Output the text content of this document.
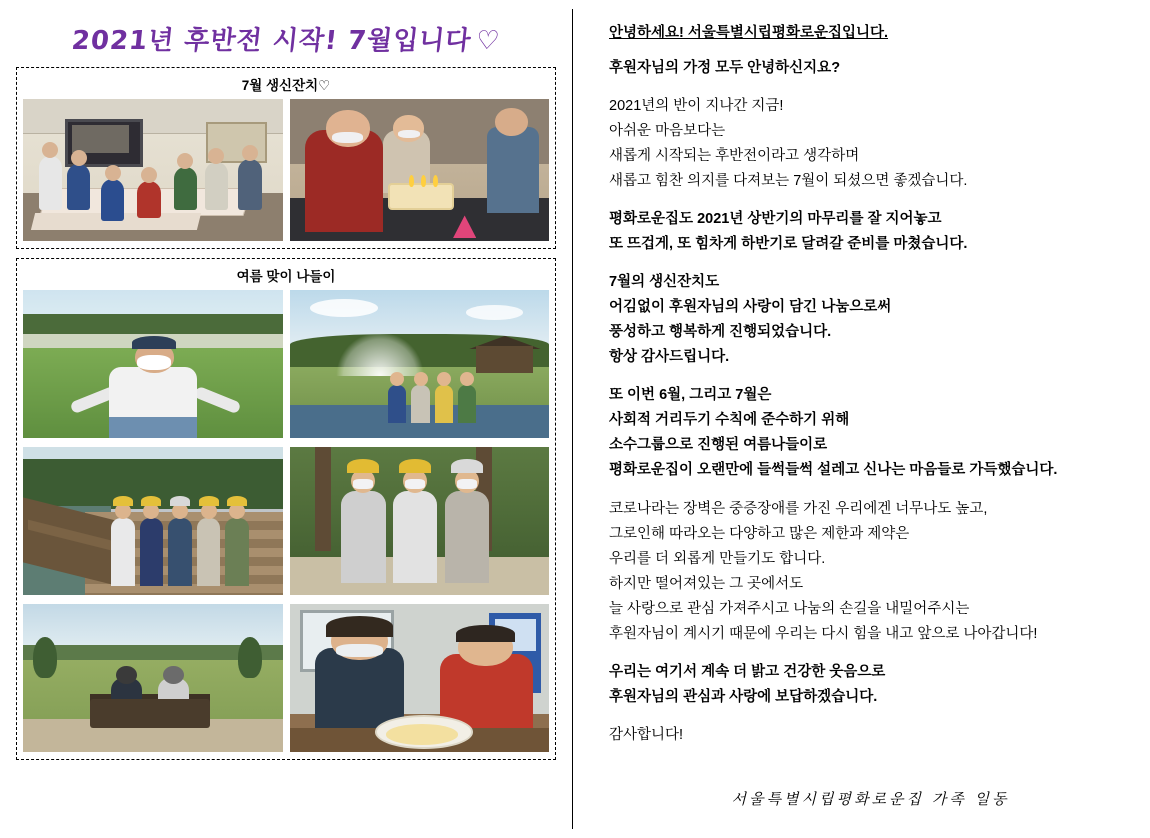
2021년 후반전 시작! 7월입니다 ♡
7월 생신잔치♡
여름 맞이 나들이

안녕하세요! 서울특별시립평화로운집입니다.

후원자님의 가정 모두 안녕하신지요?

2021년의 반이 지나간 지금!

아쉬운 마음보다는

새롭게 시작되는 후반전이라고 생각하며

새롭고 힘찬 의지를 다져보는 7월이 되셨으면 좋겠습니다.

평화로운집도 2021년 상반기의 마무리를 잘 지어놓고

또 뜨겁게, 또 힘차게 하반기로 달려갈 준비를 마쳤습니다.

7월의 생신잔치도

어김없이 후원자님의 사랑이 담긴 나눔으로써

풍성하고 행복하게 진행되었습니다.

항상 감사드립니다.

또 이번 6월, 그리고 7월은

사회적 거리두기 수칙에 준수하기 위해

소수그룹으로 진행된 여름나들이로

평화로운집이 오랜만에 들썩들썩 설레고 신나는 마음들로 가득했습니다.

코로나라는 장벽은 중증장애를 가진 우리에겐 너무나도 높고,

그로인해 따라오는 다양하고 많은 제한과 제약은

우리를 더 외롭게 만들기도 합니다.

하지만 떨어져있는 그 곳에서도

늘 사랑으로 관심 가져주시고 나눔의 손길을 내밀어주시는

후원자님이 계시기 때문에 우리는 다시 힘을 내고 앞으로 나아갑니다!

우리는 여기서 계속 더 밝고 건강한 웃음으로

후원자님의 관심과 사랑에 보답하겠습니다.

감사합니다!

서울특별시립평화로운집 가족 일동
